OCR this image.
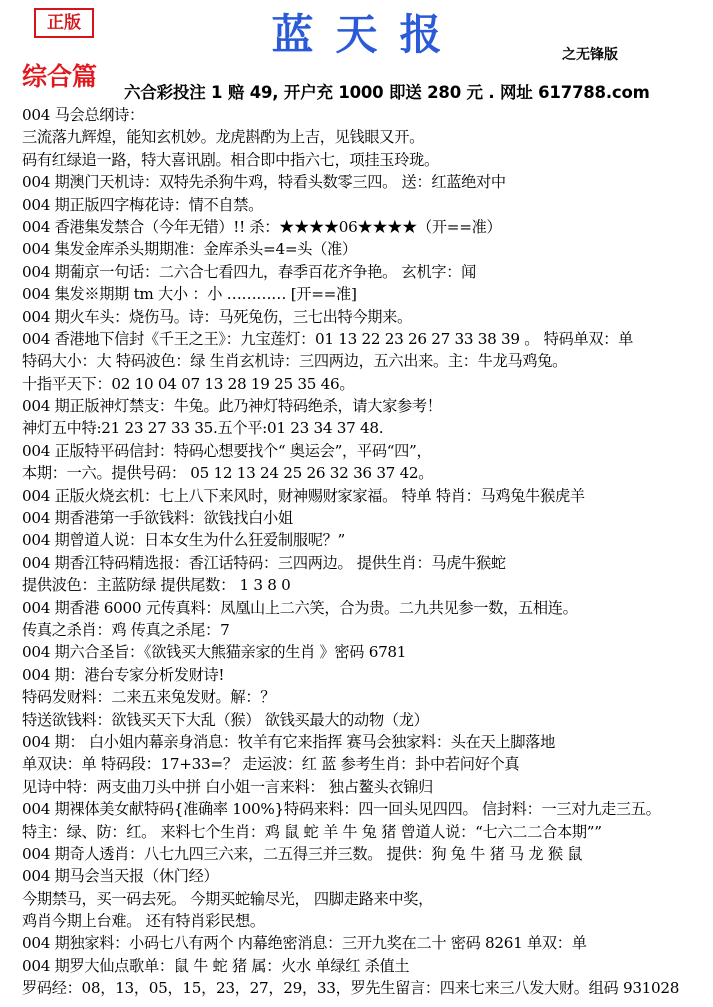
正版	蓝天报	之无锋版
综合篇
六合彩投注 1 赔 49, 开户充 1000 即送 280 元 . 网址 617788.com
004 马会总纲诗：
三流落九辉煌，能知玄机妙。龙虎斟酌为上吉，见钱眼又开。
码有红绿追一路，特大喜讯剧。相合即中指六七，项挂玉玲珑。
004 期澳门天机诗：双特先杀狗牛鸡，特看头数零三四。 送：红蓝绝对中
004 期正版四字梅花诗：情不自禁。
004 香港集发禁合（今年无错）!! 杀：★★★★06★★★★（开==准）
004 集发金库杀头期期准：金库杀头=4=头（准）
004 期葡京一句话：二六合七看四九，春季百花齐争艳。 玄机字：闻
004 集发※期期 tm 大小 ：小 ………… [开==准]
004 期火车头：烧伤马。诗：马死兔伤，三七出特今期来。
004 香港地下信封《千王之王》：九宝莲灯：01 13 22 23 26 27 33 38 39 。 特码单双：单
特码大小：大 特码波色：绿 生肖玄机诗：三四两边，五六出来。主：牛龙马鸡兔。
十指平天下：02 10 04 07 13 28 19 25 35 46。
004 期正版神灯禁支：牛兔。此乃神灯特码绝杀，请大家参考！
神灯五中特:21 23 27 33 35.五个平:01 23 34 37 48.
004 正版特平码信封：特码心想要找个“ 奥运会”，平码“四”，
本期：一六。提供号码： 05 12 13 24 25 26 32 36 37 42。
004 正版火烧玄机：七上八下来风时，财神赐财家家福。 特单 特肖：马鸡兔牛猴虎羊
004 期香港第一手欲钱料：欲钱找白小姐
004 期曾道人说：日本女生为什么狂爱制服呢？”
004 期香江特码精选报：香江话特码：三四两边。 提供生肖：马虎牛猴蛇
提供波色：主蓝防绿 提供尾数： 1 3 8 0
004 期香港 6000 元传真料：凤凰山上二六笑，合为贵。二九共见参一数，五相连。
传真之杀肖：鸡 传真之杀尾：7
004 期六合圣旨：《欲钱买大熊猫亲家的生肖 》密码 6781
004 期：港台专家分析发财诗!
特码发财料：二来五来兔发财。解：？
特送欲钱料：欲钱买天下大乱（猴） 欲钱买最大的动物（龙）
004 期： 白小姐内幕亲身消息：牧羊有它来指挥 赛马会独家料：头在天上脚落地
单双诀：单 特码段：17+33=？ 走运波：红 蓝 参考生肖：卦中若问好个真
见诗中特：两支曲刀头中拼 白小姐一言来料： 独占鳌头衣锦归
004 期裸体美女献特码{准确率 100%}特码来料：四一回头见四四。 信封料：一三对九走三五。
特主：绿、防：红。 来料七个生肖：鸡 鼠 蛇 羊 牛 兔 猪 曾道人说：“七六二二合本期””
004 期奇人透肖：八七九四三六来，二五得三并三数。 提供：狗 兔 牛 猪 马 龙 猴 鼠
004 期马会当天报（休门经）
今期禁马，买一码去死。 今期买蛇输尽光， 四脚走路来中奖，
鸡肖今期上台难。 还有特肖彩民想。
004 期独家料：小码七八有两个 内幕绝密消息：三开九奖在二十 密码 8261 单双：单
004 期罗大仙点歌单：鼠 牛 蛇 猪 属：火水 单绿红 杀值土
罗码经：08，13，05，15，23，27，29，33，罗先生留言：四来七来三八发大财。组码 931028
